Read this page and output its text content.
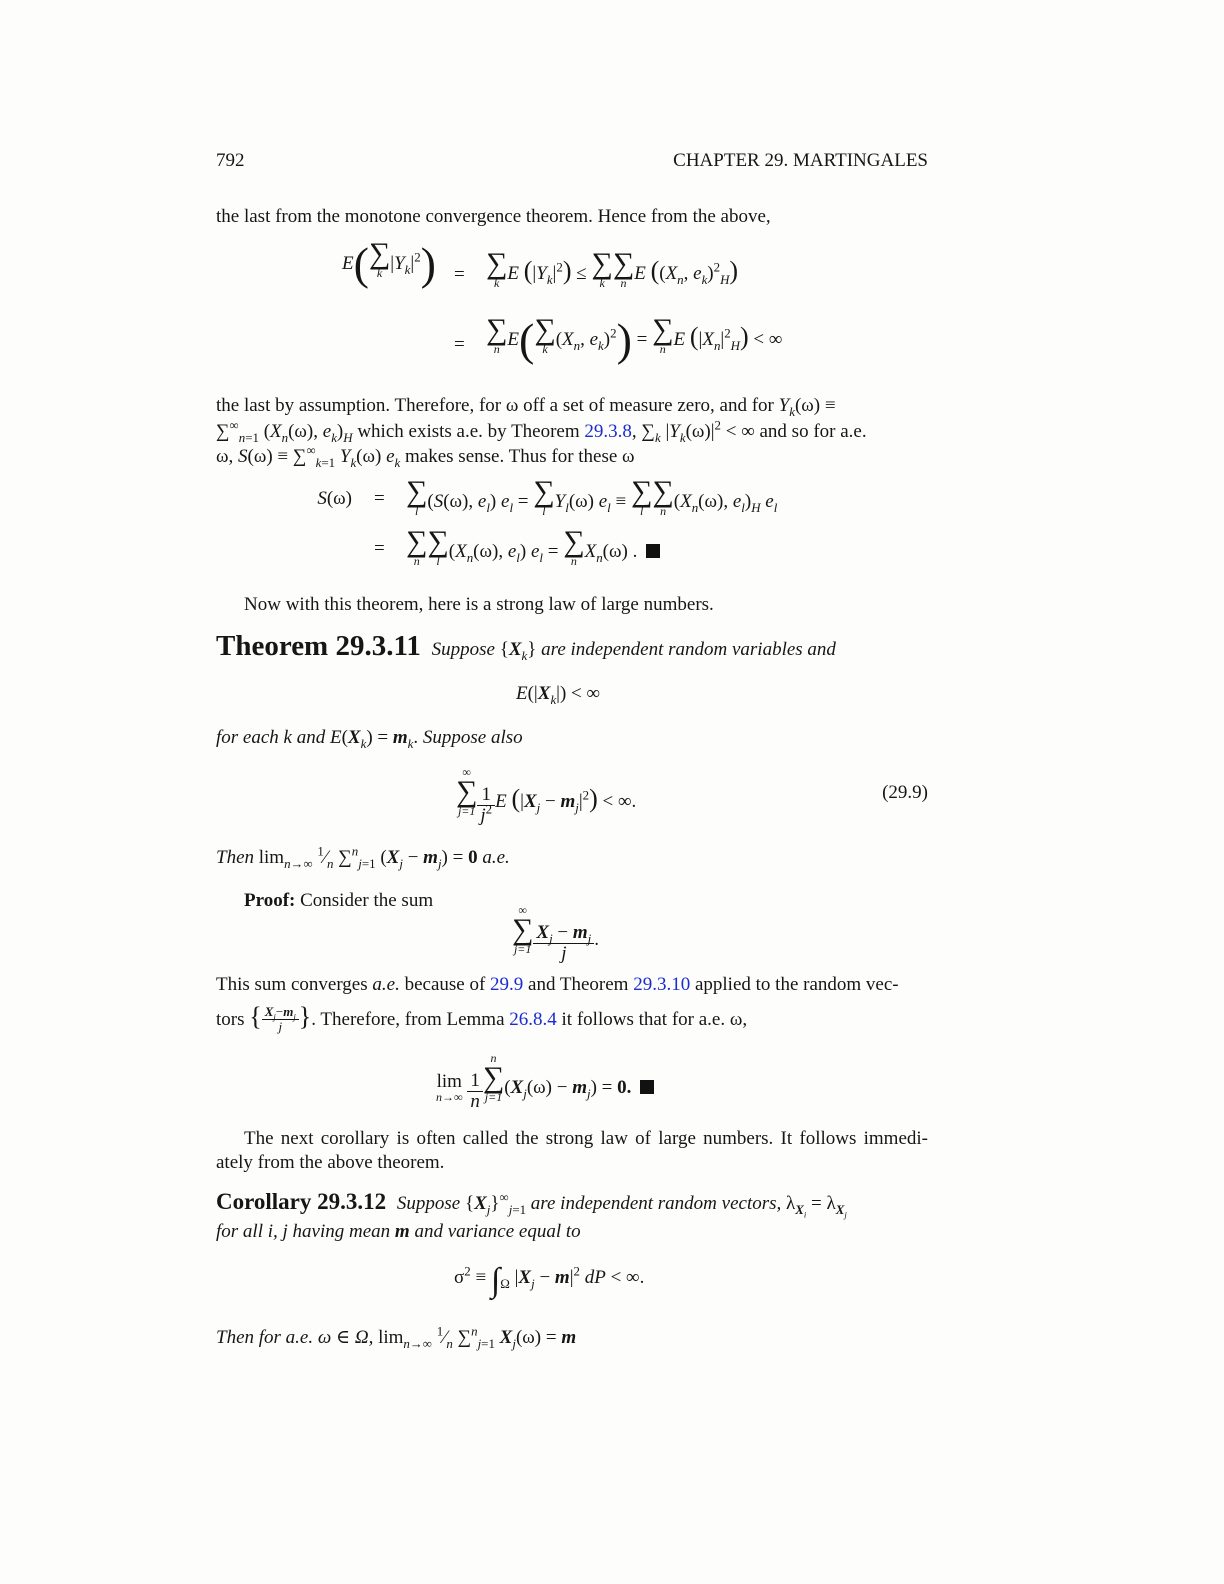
792	CHAPTER 29. MARTINGALES
the last from the monotone convergence theorem. Hence from the above,
E( ∑
k $|Y_k|^2$) = ∑
k E $(|Y_k|^2)$ ≤ ∑
k
∑
n E (($X_n$, $e_k)^2_H$)
= ∑
n E( ∑
k ($X_n$, $e_k)^2$) = ∑
n E $(|X_n|^2_H)$ < ∞
the last by assumption. Therefore, for ω off a set of measure zero, and for $Y_k(\omega)$ ≡
$\sum^\infty_{n=1}$ ($X_n(\omega)$, $e_k)_H$ which exists a.e. by Theorem 29.3.8, $\sum_k$ $|Y_k(\omega)|^2$ < ∞ and so for a.e.
ω, $S(\omega) \equiv \sum^\infty_{k=1}$ $Y_k(\omega)$ $e_k$ makes sense. Thus for these ω
S(ω) = ∑
l (S(ω), $e_l$) $e_l$ = ∑
l $Y_l(\omega) e_l$ ≡ ∑
l
∑
n ($X_n(\omega)$, $e_l)_H$ $e_l$
= ∑
n
∑
l ($X_n(\omega)$, $e_l$) $e_l$ = ∑
n $X_n(\omega)$ .
Now with this theorem, here is a strong law of large numbers.
Theorem 29.3.11 Suppose $\{X_k\}$ are independent random variables and
$E(|X_k|)$ < ∞
for each k and $E(X_k) = m_k$. Suppose also
∞
∑
$j=1 \frac{1}{j^2}$ E $(|X_j - m_j|^2)$ < ∞.	(29.9)
Then $\lim_{n\to\infty}$ $^1⁄_n$ ∑$^n_{j=1}$ $(X_j - m_j) = 0$ a.e.
Proof: Consider the sum	∞
∑
$j=1 \frac{X_j - m_j}{j}$ .
This sum converges a.e. because of 29.9 and Theorem 29.3.10 applied to the random vec-
tors { $\frac{X_j-m_j}{j}$ }. Therefore, from Lemma 26.8.4 it follows that for a.e. ω,
lim
n→∞
$\frac{1}{n}$
n
∑
j=1 $(X_j(\omega) - m_j) = 0$.
The next corollary is often called the strong law of large numbers. It follows immedi- ately from the above theorem.
Corollary 29.3.12 Suppose $\{X_j\}^\infty_{j=1}$ are independent random vectors, $\lambda_{X_i} = \lambda_{X_j}$
for all i, j having mean m and variance equal to
$\sigma^2 \equiv \int_\Omega$ $|X_j - m|^2$ dP < ∞.
Then for a.e. ω ∈ Ω, $\lim_{n\to\infty}$ $^1⁄_n$ ∑$^n_{j=1}$ $X_j(\omega) = m$
